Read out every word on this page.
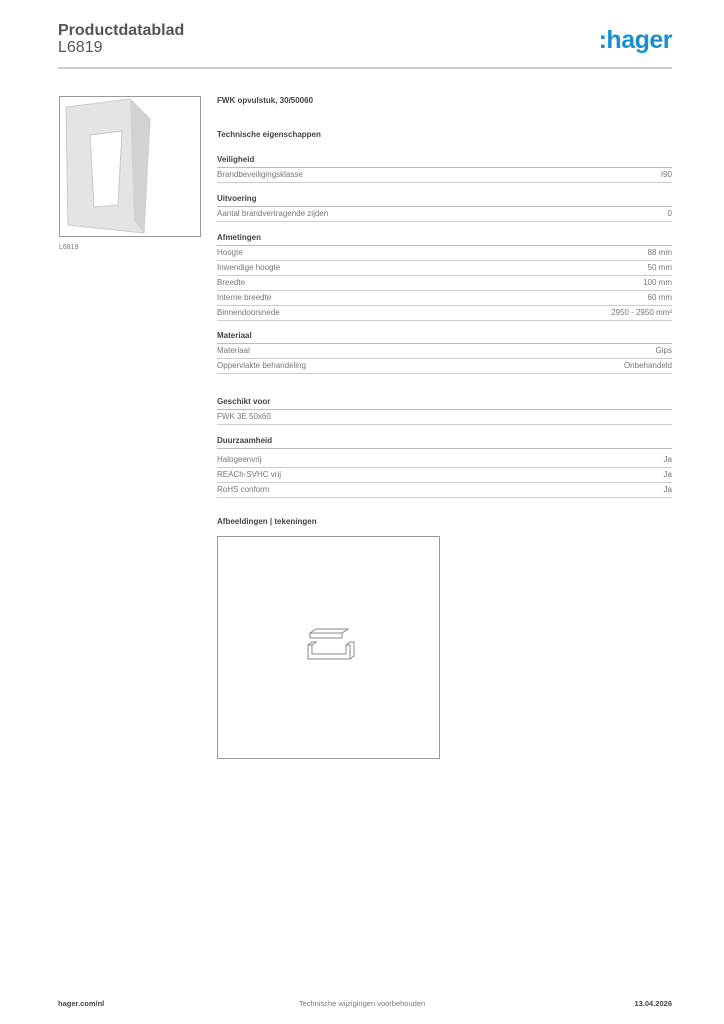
Productdatablad
L6819	:hager
L6819
FWK opvulstuk, 30/50060
Technische eigenschappen
Veiligheid
Brandbeveiligingsklasse	I90
Uitvoering
Aantal brandvertragende zijden	0
Afmetingen
Hoogte	88 mm
Inwendige hoogte	50 mm
Breedte	100 mm
Interne breedte	60 mm
Binnendoorsnede	2950 - 2950 mm²
Materiaal
Materiaal	Gips
Oppervlakte behandeling	Onbehandeld
Geschikt voor
FWK 3E 50x60
Duurzaamheid
Halogeenvrij	Ja
REACh-SVHC vrij	Ja
RoHS conform	Ja
Afbeeldingen | tekeningen
hager.com/nl	Technische wijzigingen voorbehouden	13.04.2026
